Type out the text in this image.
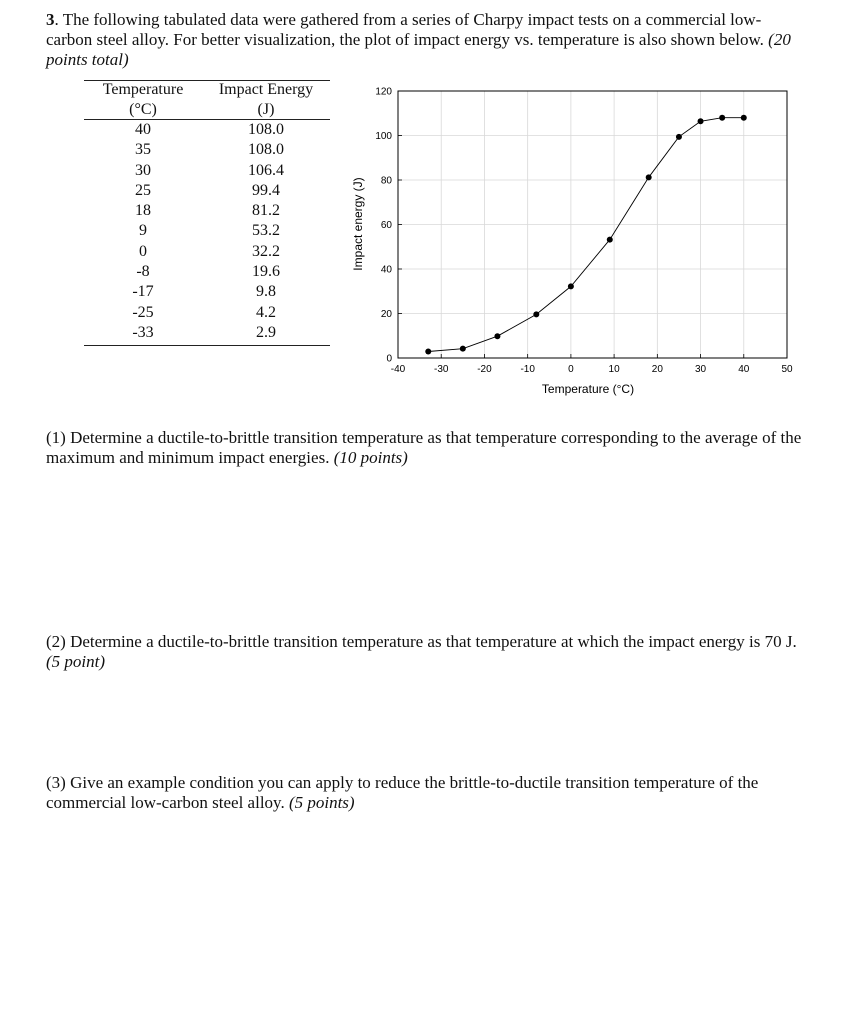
3. The following tabulated data were gathered from a series of Charpy impact tests on a commercial low-carbon steel alloy. For better visualization, the plot of impact energy vs. temperature is also shown below. (20 points total)
Temperature	Impact Energy
(°C)	(J)
40	108.0
35	108.0
30	106.4
25	99.4
18	81.2
9	53.2
0	32.2
-8	19.6
-17	9.8
-25	4.2
-33	2.9
-40	-30	-20	-10	0	10	20	30	40	50
0
20
40
60
80
100
120
Temperature (°C)
Impact energy (J)
(1) Determine a ductile-to-brittle transition temperature as that temperature corresponding to the average of the maximum and minimum impact energies. (10 points)
(2) Determine a ductile-to-brittle transition temperature as that temperature at which the impact energy is 70 J. (5 point)
(3) Give an example condition you can apply to reduce the brittle-to-ductile transition temperature of the commercial low-carbon steel alloy. (5 points)
